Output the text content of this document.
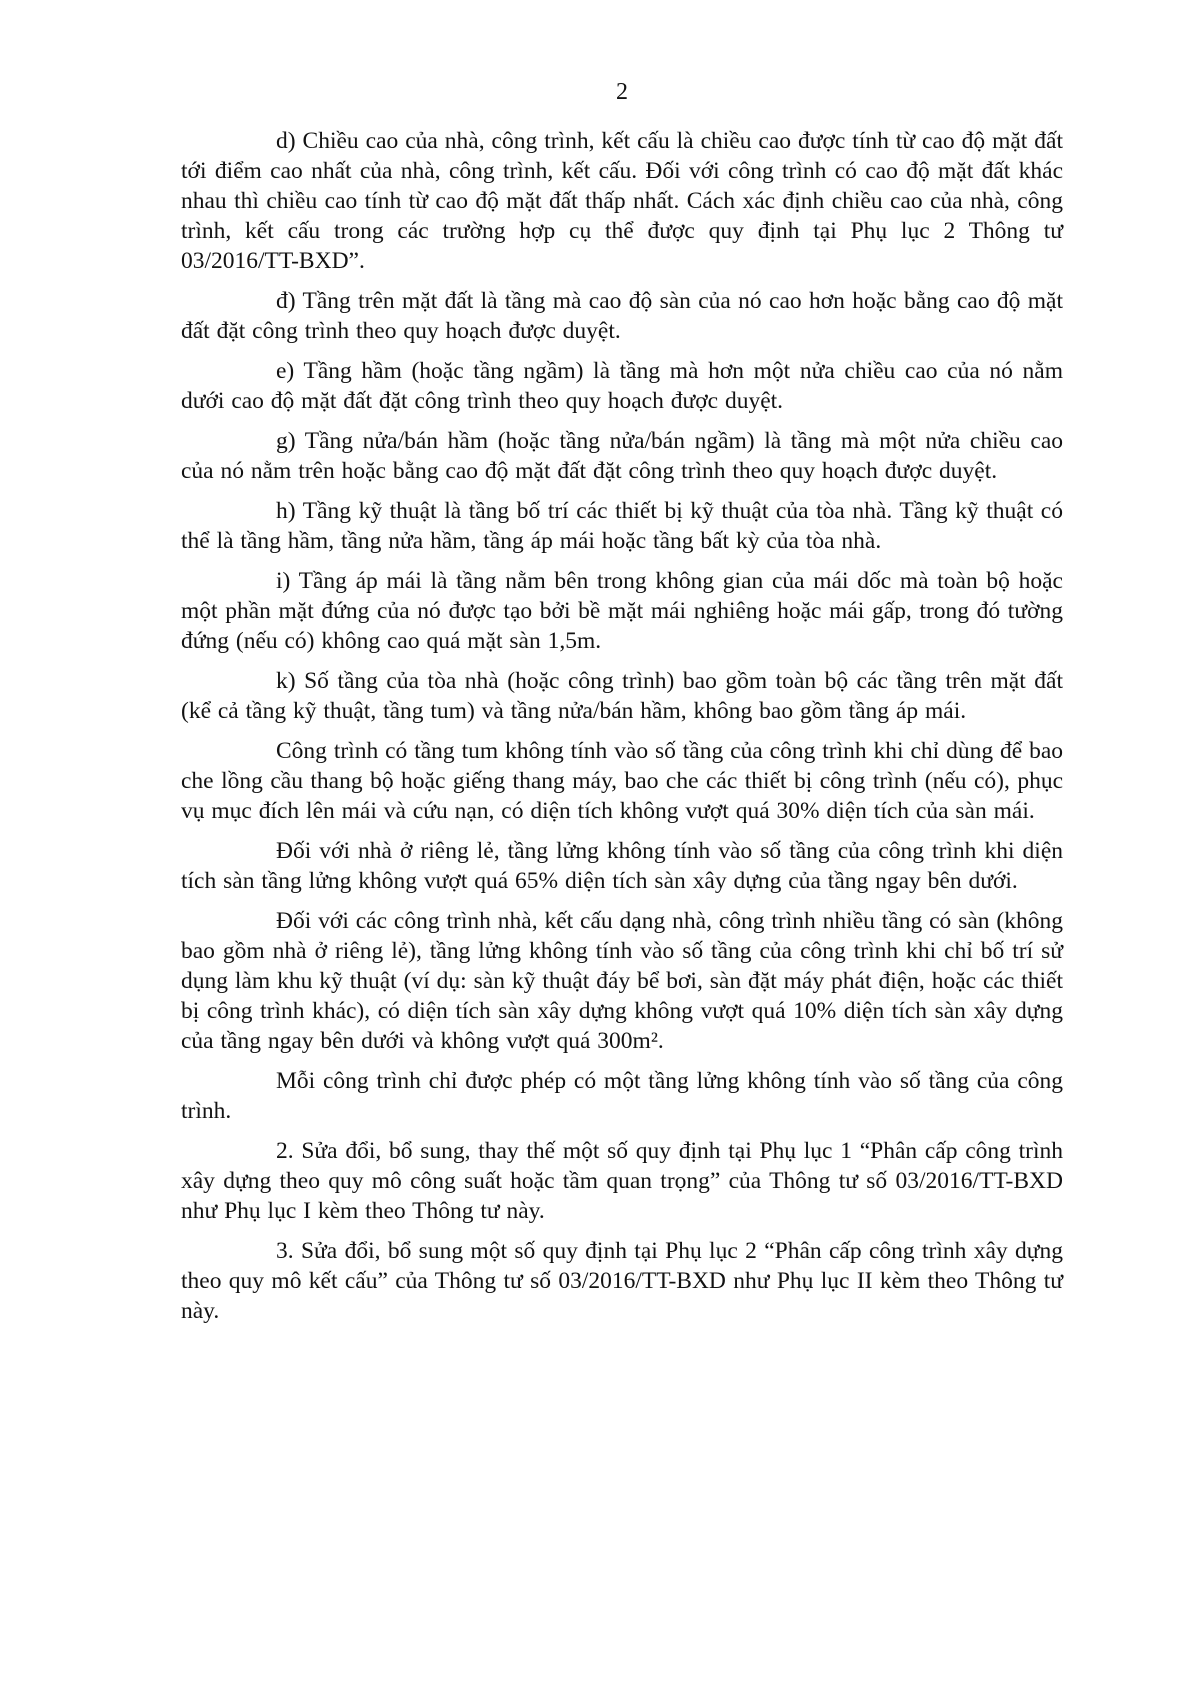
2

d) Chiều cao của nhà, công trình, kết cấu là chiều cao được tính từ cao độ mặt đất tới điểm cao nhất của nhà, công trình, kết cấu. Đối với công trình có cao độ mặt đất khác nhau thì chiều cao tính từ cao độ mặt đất thấp nhất. Cách xác định chiều cao của nhà, công trình, kết cấu trong các trường hợp cụ thể được quy định tại Phụ lục 2 Thông tư 03/2016/TT-BXD”.

đ) Tầng trên mặt đất là tầng mà cao độ sàn của nó cao hơn hoặc bằng cao độ mặt đất đặt công trình theo quy hoạch được duyệt.

e) Tầng hầm (hoặc tầng ngầm) là tầng mà hơn một nửa chiều cao của nó nằm dưới cao độ mặt đất đặt công trình theo quy hoạch được duyệt.

g) Tầng nửa/bán hầm (hoặc tầng nửa/bán ngầm) là tầng mà một nửa chiều cao của nó nằm trên hoặc bằng cao độ mặt đất đặt công trình theo quy hoạch được duyệt.

h) Tầng kỹ thuật là tầng bố trí các thiết bị kỹ thuật của tòa nhà. Tầng kỹ thuật có thể là tầng hầm, tầng nửa hầm, tầng áp mái hoặc tầng bất kỳ của tòa nhà.

i) Tầng áp mái là tầng nằm bên trong không gian của mái dốc mà toàn bộ hoặc một phần mặt đứng của nó được tạo bởi bề mặt mái nghiêng hoặc mái gấp, trong đó tường đứng (nếu có) không cao quá mặt sàn 1,5m.

k) Số tầng của tòa nhà (hoặc công trình) bao gồm toàn bộ các tầng trên mặt đất (kể cả tầng kỹ thuật, tầng tum) và tầng nửa/bán hầm, không bao gồm tầng áp mái.

Công trình có tầng tum không tính vào số tầng của công trình khi chỉ dùng để bao che lồng cầu thang bộ hoặc giếng thang máy, bao che các thiết bị công trình (nếu có), phục vụ mục đích lên mái và cứu nạn, có diện tích không vượt quá 30% diện tích của sàn mái.

Đối với nhà ở riêng lẻ, tầng lửng không tính vào số tầng của công trình khi diện tích sàn tầng lửng không vượt quá 65% diện tích sàn xây dựng của tầng ngay bên dưới.

Đối với các công trình nhà, kết cấu dạng nhà, công trình nhiều tầng có sàn (không bao gồm nhà ở riêng lẻ), tầng lửng không tính vào số tầng của công trình khi chỉ bố trí sử dụng làm khu kỹ thuật (ví dụ: sàn kỹ thuật đáy bể bơi, sàn đặt máy phát điện, hoặc các thiết bị công trình khác), có diện tích sàn xây dựng không vượt quá 10% diện tích sàn xây dựng của tầng ngay bên dưới và không vượt quá 300m².

Mỗi công trình chỉ được phép có một tầng lửng không tính vào số tầng của công trình.

2. Sửa đổi, bổ sung, thay thế một số quy định tại Phụ lục 1 “Phân cấp công trình xây dựng theo quy mô công suất hoặc tầm quan trọng” của Thông tư số 03/2016/TT-BXD như Phụ lục I kèm theo Thông tư này.

3. Sửa đổi, bổ sung một số quy định tại Phụ lục 2 “Phân cấp công trình xây dựng theo quy mô kết cấu” của Thông tư số 03/2016/TT-BXD như Phụ lục II kèm theo Thông tư này.
